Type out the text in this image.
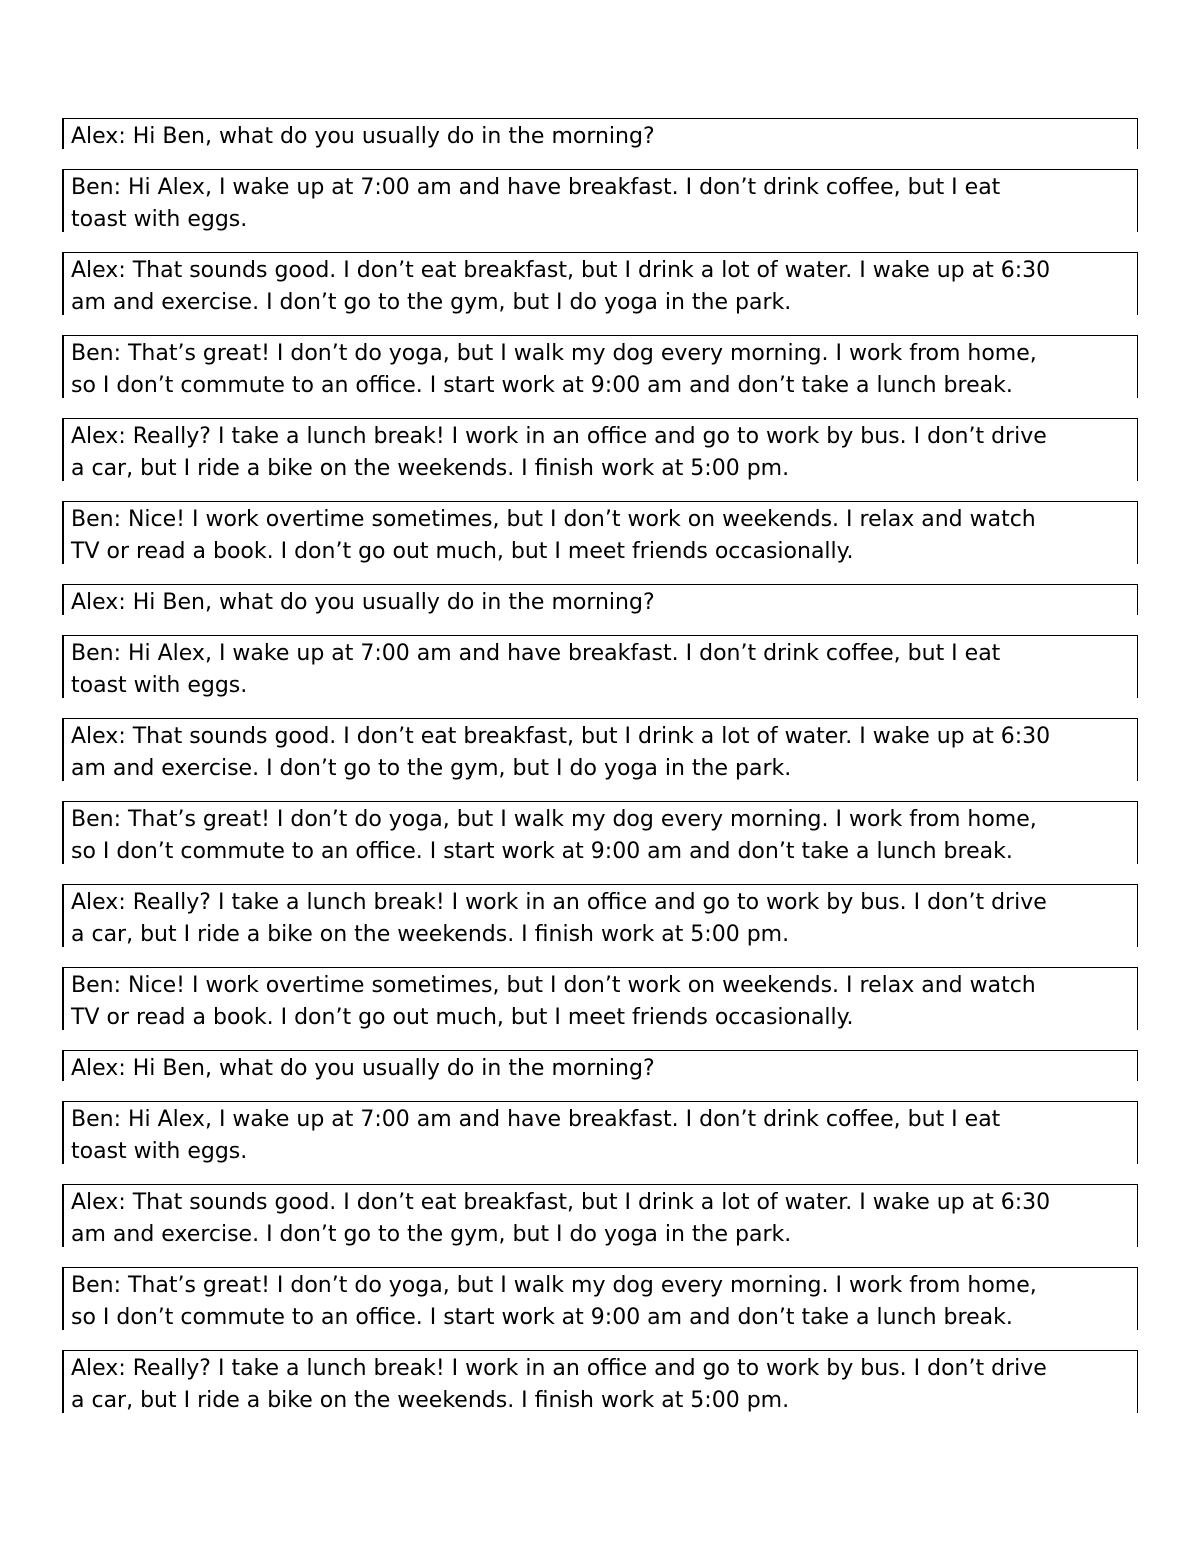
Alex: Hi Ben, what do you usually do in the morning?
Ben: Hi Alex, I wake up at 7:00 am and have breakfast. I don’t drink coffee, but I eat
toast with eggs.
Alex: That sounds good. I don’t eat breakfast, but I drink a lot of water. I wake up at 6:30
am and exercise. I don’t go to the gym, but I do yoga in the park.
Ben: That’s great! I don’t do yoga, but I walk my dog every morning. I work from home,
so I don’t commute to an office. I start work at 9:00 am and don’t take a lunch break.
Alex: Really? I take a lunch break! I work in an office and go to work by bus. I don’t drive
a car, but I ride a bike on the weekends. I finish work at 5:00 pm.
Ben: Nice! I work overtime sometimes, but I don’t work on weekends. I relax and watch
TV or read a book. I don’t go out much, but I meet friends occasionally.
Alex: Hi Ben, what do you usually do in the morning?
Ben: Hi Alex, I wake up at 7:00 am and have breakfast. I don’t drink coffee, but I eat
toast with eggs.
Alex: That sounds good. I don’t eat breakfast, but I drink a lot of water. I wake up at 6:30
am and exercise. I don’t go to the gym, but I do yoga in the park.
Ben: That’s great! I don’t do yoga, but I walk my dog every morning. I work from home,
so I don’t commute to an office. I start work at 9:00 am and don’t take a lunch break.
Alex: Really? I take a lunch break! I work in an office and go to work by bus. I don’t drive
a car, but I ride a bike on the weekends. I finish work at 5:00 pm.
Ben: Nice! I work overtime sometimes, but I don’t work on weekends. I relax and watch
TV or read a book. I don’t go out much, but I meet friends occasionally.
Alex: Hi Ben, what do you usually do in the morning?
Ben: Hi Alex, I wake up at 7:00 am and have breakfast. I don’t drink coffee, but I eat
toast with eggs.
Alex: That sounds good. I don’t eat breakfast, but I drink a lot of water. I wake up at 6:30
am and exercise. I don’t go to the gym, but I do yoga in the park.
Ben: That’s great! I don’t do yoga, but I walk my dog every morning. I work from home,
so I don’t commute to an office. I start work at 9:00 am and don’t take a lunch break.
Alex: Really? I take a lunch break! I work in an office and go to work by bus. I don’t drive
a car, but I ride a bike on the weekends. I finish work at 5:00 pm.
